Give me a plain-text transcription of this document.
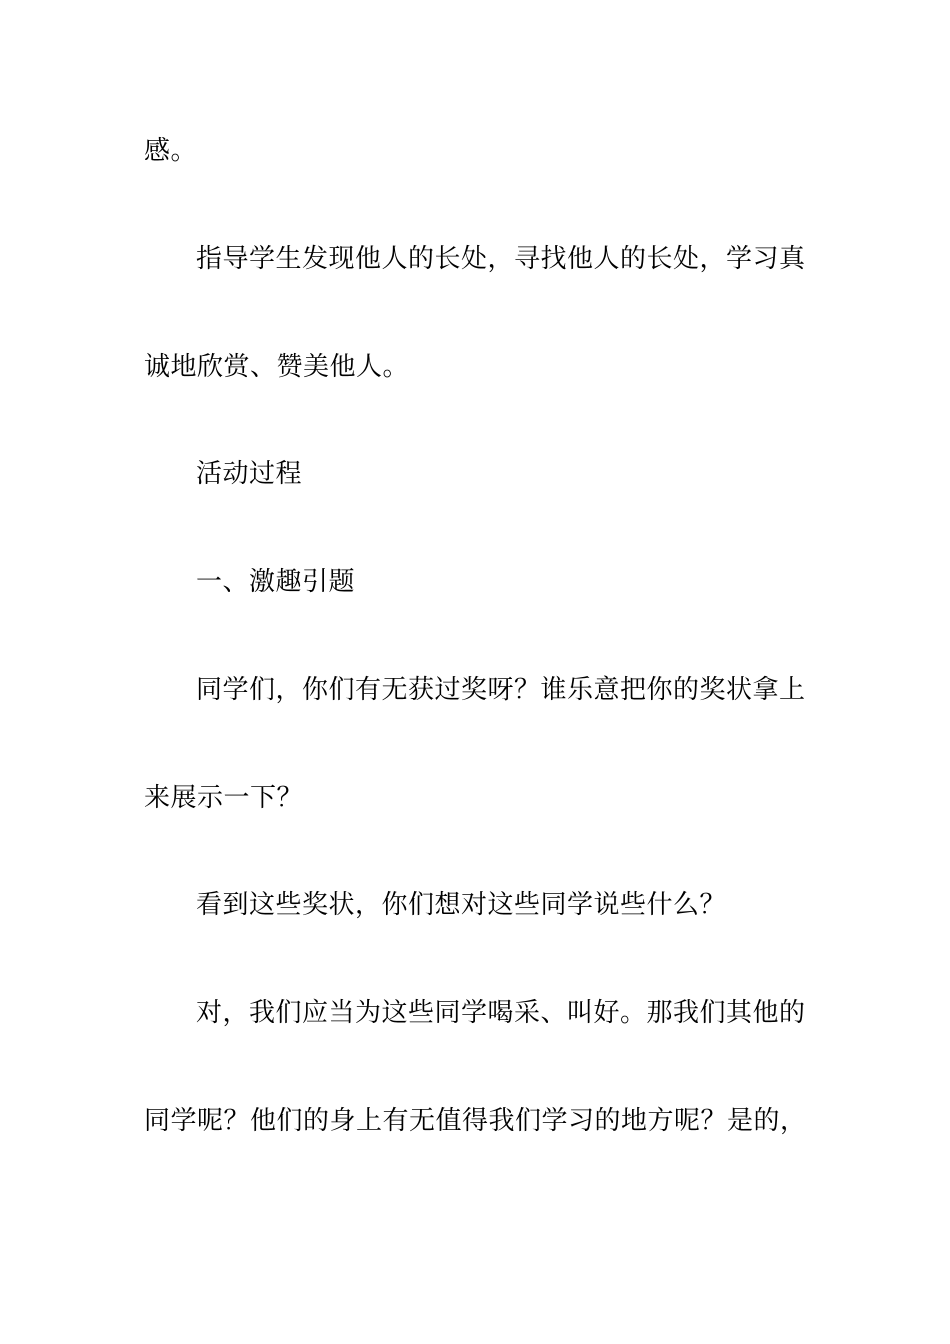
感。
指导学生发现他人的长处，寻找他人的长处，学习真
诚地欣赏、赞美他人。
活动过程
一、激趣引题
同学们，你们有无获过奖呀？谁乐意把你的奖状拿上
来展示一下？
看到这些奖状，你们想对这些同学说些什么？
对，我们应当为这些同学喝采、叫好。那我们其他的
同学呢？他们的身上有无值得我们学习的地方呢？是的，
